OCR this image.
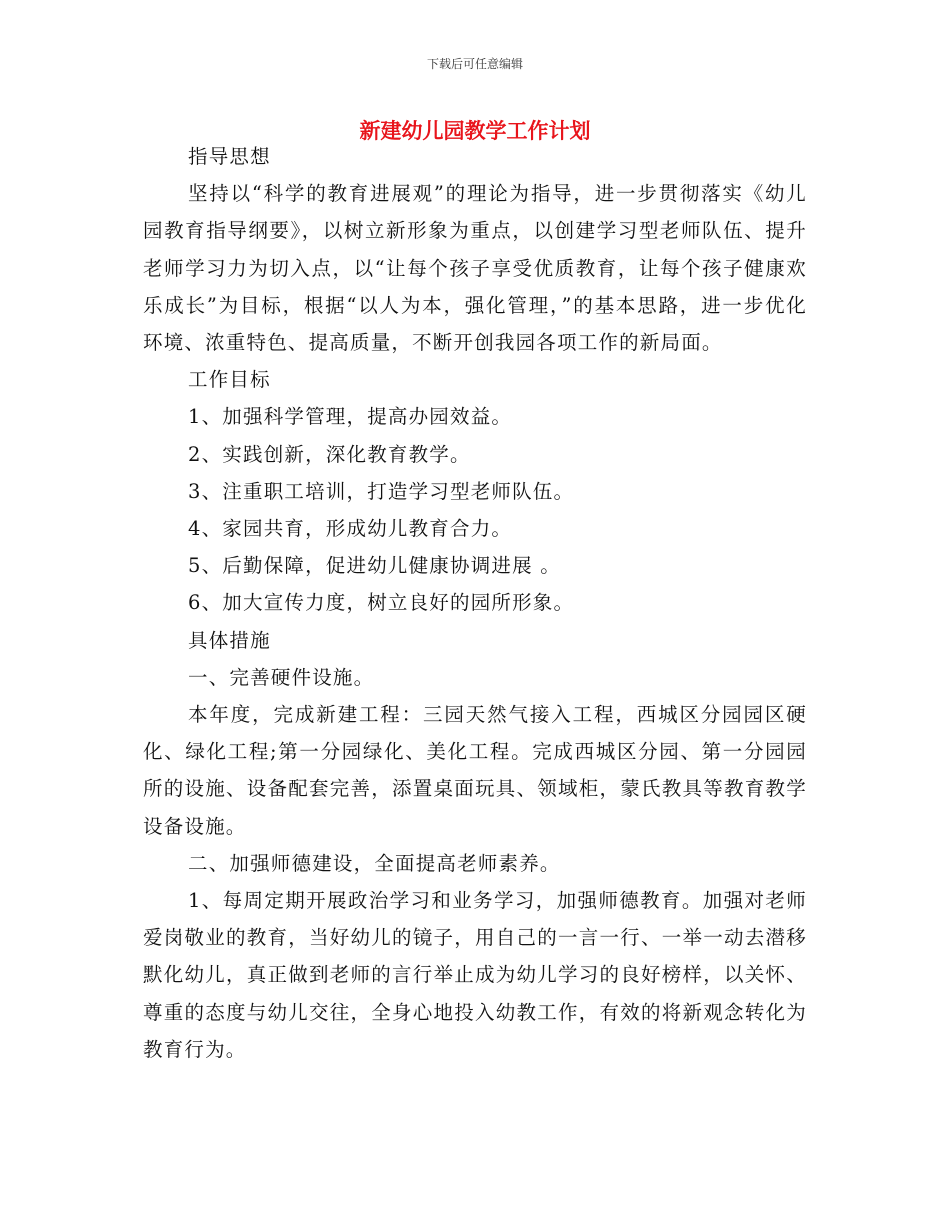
下载后可任意编辑
新建幼儿园教学工作计划

指导思想

坚持以“科学的教育进展观”的理论为指导，进一步贯彻落实《幼儿园教育指导纲要》，以树立新形象为重点，以创建学习型老师队伍、提升老师学习力为切入点，以“让每个孩子享受优质教育，让每个孩子健康欢乐成长”为目标，根据“以人为本，强化管理，”的基本思路，进一步优化环境、浓重特色、提高质量，不断开创我园各项工作的新局面。

工作目标

1、加强科学管理，提高办园效益。

2、实践创新，深化教育教学。

3、注重职工培训，打造学习型老师队伍。

4、家园共育，形成幼儿教育合力。

5、后勤保障，促进幼儿健康协调进展 。

6、加大宣传力度，树立良好的园所形象。

具体措施

一、完善硬件设施。

本年度，完成新建工程：三园天然气接入工程，西城区分园园区硬化、绿化工程;第一分园绿化、美化工程。完成西城区分园、第一分园园所的设施、设备配套完善，添置桌面玩具、领域柜，蒙氏教具等教育教学设备设施。

二、加强师德建设，全面提高老师素养。

1、每周定期开展政治学习和业务学习，加强师德教育。加强对老师爱岗敬业的教育，当好幼儿的镜子，用自己的一言一行、一举一动去潜移默化幼儿，真正做到老师的言行举止成为幼儿学习的良好榜样，以关怀、尊重的态度与幼儿交往，全身心地投入幼教工作，有效的将新观念转化为教育行为。
